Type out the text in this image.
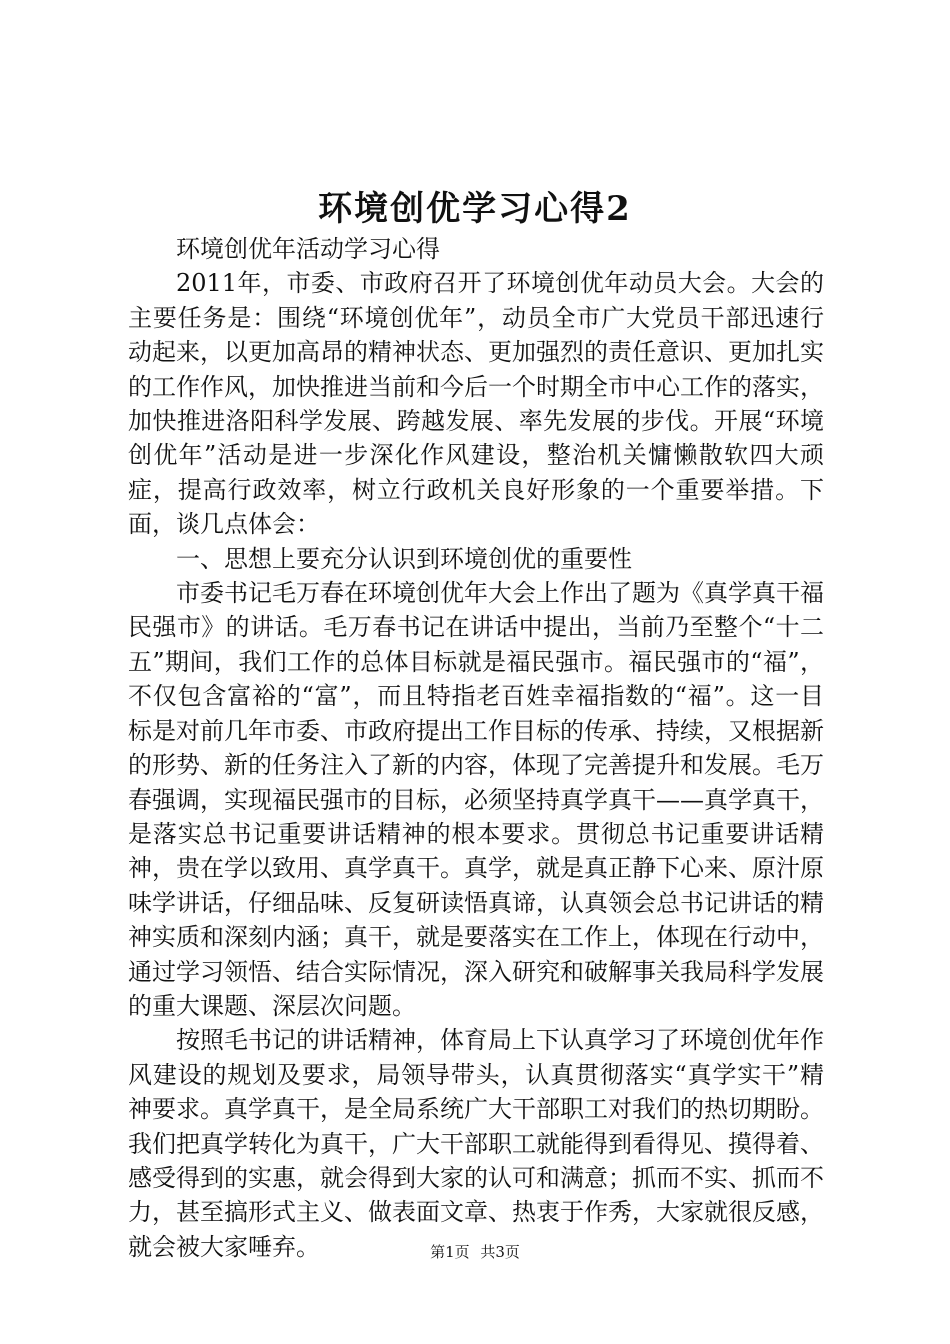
环境创优学习心得2

环境创优年活动学习心得

2011年，市委、市政府召开了环境创优年动员大会。大会的主要任务是：围绕“环境创优年”，动员全市广大党员干部迅速行动起来，以更加高昂的精神状态、更加强烈的责任意识、更加扎实的工作作风，加快推进当前和今后一个时期全市中心工作的落实，加快推进洛阳科学发展、跨越发展、率先发展的步伐。开展“环境创优年”活动是进一步深化作风建设，整治机关慵懒散软四大顽症，提高行政效率，树立行政机关良好形象的一个重要举措。下面，谈几点体会：

一、思想上要充分认识到环境创优的重要性

市委书记毛万春在环境创优年大会上作出了题为《真学真干福民强市》的讲话。毛万春书记在讲话中提出，当前乃至整个“十二五”期间，我们工作的总体目标就是福民强市。福民强市的“福”，不仅包含富裕的“富”，而且特指老百姓幸福指数的“福”。这一目标是对前几年市委、市政府提出工作目标的传承、持续，又根据新的形势、新的任务注入了新的内容，体现了完善提升和发展。毛万春强调，实现福民强市的目标，必须坚持真学真干——真学真干，是落实总书记重要讲话精神的根本要求。贯彻总书记重要讲话精神，贵在学以致用、真学真干。真学，就是真正静下心来、原汁原味学讲话，仔细品味、反复研读悟真谛，认真领会总书记讲话的精神实质和深刻内涵；真干，就是要落实在工作上，体现在行动中，通过学习领悟、结合实际情况，深入研究和破解事关我局科学发展的重大课题、深层次问题。

按照毛书记的讲话精神，体育局上下认真学习了环境创优年作风建设的规划及要求，局领导带头，认真贯彻落实“真学实干”精神要求。真学真干，是全局系统广大干部职工对我们的热切期盼。我们把真学转化为真干，广大干部职工就能得到看得见、摸得着、感受得到的实惠，就会得到大家的认可和满意；抓而不实、抓而不力，甚至搞形式主义、做表面文章、热衷于作秀，大家就很反感，就会被大家唾弃。	第1页 共3页
